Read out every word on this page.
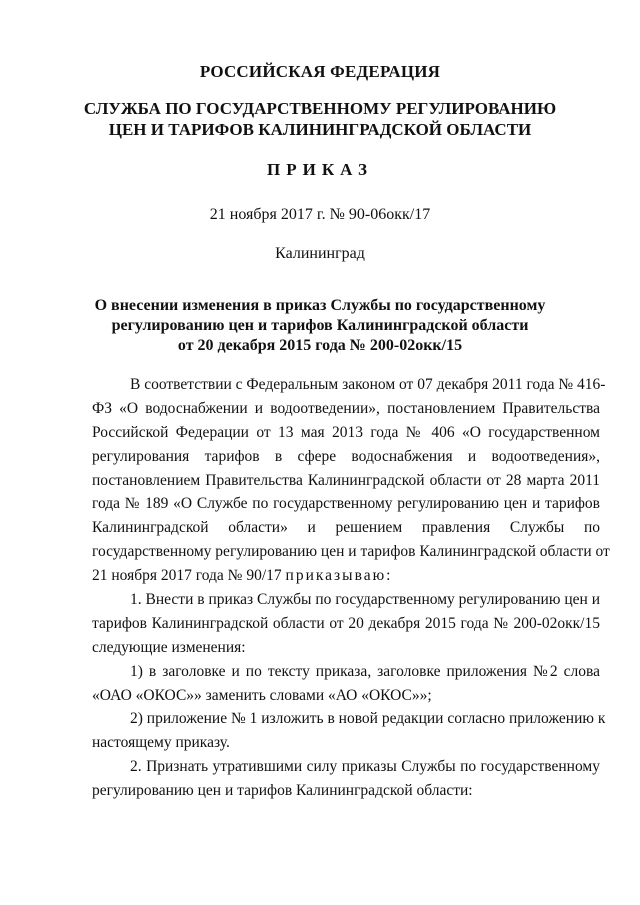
РОССИЙСКАЯ ФЕДЕРАЦИЯ
СЛУЖБА ПО ГОСУДАРСТВЕННОМУ РЕГУЛИРОВАНИЮ
ЦЕН И ТАРИФОВ КАЛИНИНГРАДСКОЙ ОБЛАСТИ
ПРИКАЗ
21 ноября 2017 г. № 90-06окк/17
Калининград
О внесении изменения в приказ Службы по государственному
регулированию цен и тарифов Калининградской области
от 20 декабря 2015 года № 200-02окк/15
В соответствии с Федеральным законом от 07 декабря 2011 года № 416-
ФЗ «О водоснабжении и водоотведении», постановлением Правительства
Российской Федерации от 13 мая 2013 года № 406 «О государственном
регулирования тарифов в сфере водоснабжения и водоотведения»,
постановлением Правительства Калининградской области от 28 марта 2011
года № 189 «О Службе по государственному регулированию цен и тарифов
Калининградской области» и решением правления Службы по
государственному регулированию цен и тарифов Калининградской области от
21 ноября 2017 года № 90/17 приказываю:
1. Внести в приказ Службы по государственному регулированию цен и
тарифов Калининградской области от 20 декабря 2015 года № 200-02окк/15
следующие изменения:
1) в заголовке и по тексту приказа, заголовке приложения №2 слова
«ОАО «ОКОС»» заменить словами «АО «ОКОС»»;
2) приложение № 1 изложить в новой редакции согласно приложению к
настоящему приказу.
2. Признать утратившими силу приказы Службы по государственному
регулированию цен и тарифов Калининградской области:
